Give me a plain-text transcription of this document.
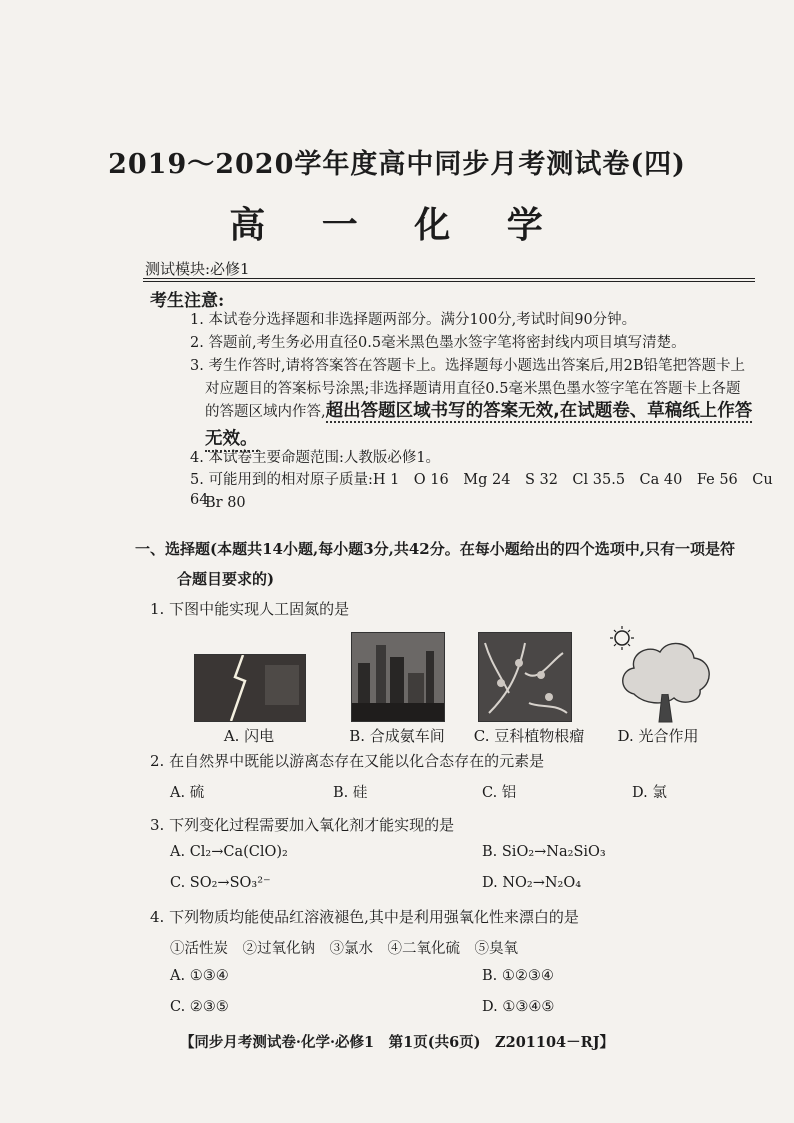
2019～2020学年度高中同步月考测试卷(四)
高 一 化 学
测试模块:必修1
考生注意:
1. 本试卷分选择题和非选择题两部分。满分100分,考试时间90分钟。
2. 答题前,考生务必用直径0.5毫米黑色墨水签字笔将密封线内项目填写清楚。
3. 考生作答时,请将答案答在答题卡上。选择题每小题选出答案后,用2B铅笔把答题卡上
对应题目的答案标号涂黑;非选择题请用直径0.5毫米黑色墨水签字笔在答题卡上各题
的答题区域内作答,超出答题区域书写的答案无效,在试题卷、草稿纸上作答
无效。
4. 本试卷主要命题范围:人教版必修1。
5. 可能用到的相对原子质量:H 1　O 16　Mg 24　S 32　Cl 35.5　Ca 40　Fe 56　Cu 64
Br 80
一、选择题(本题共14小题,每小题3分,共42分。在每小题给出的四个选项中,只有一项是符
合题目要求的)
1. 下图中能实现人工固氮的是
A. 闪电	B. 合成氨车间	C. 豆科植物根瘤	D. 光合作用
2. 在自然界中既能以游离态存在又能以化合态存在的元素是
A. 硫	B. 硅	C. 铝	D. 氯
3. 下列变化过程需要加入氧化剂才能实现的是
A. Cl₂→Ca(ClO)₂	B. SiO₂→Na₂SiO₃
C. SO₂→SO₃²⁻	D. NO₂→N₂O₄
4. 下列物质均能使品红溶液褪色,其中是利用强氧化性来漂白的是
①活性炭　②过氧化钠　③氯水　④二氧化硫　⑤臭氧
A. ①③④	B. ①②③④
C. ②③⑤	D. ①③④⑤
【同步月考测试卷·化学·必修1　第1页(共6页)　Z201104－RJ】
